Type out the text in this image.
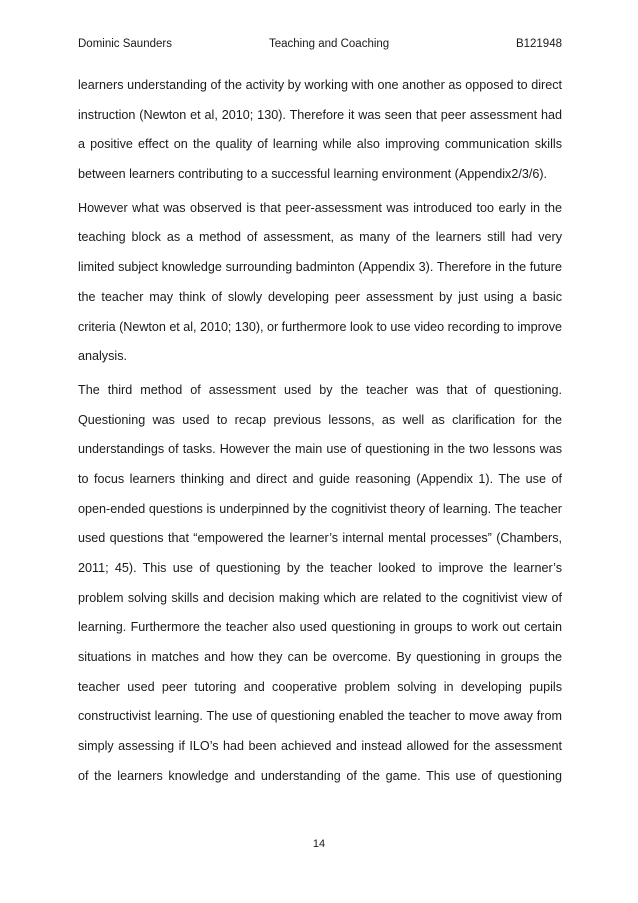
Dominic Saunders	Teaching and Coaching	B121948
learners understanding of the activity by working with one another as opposed to direct
instruction (Newton et al, 2010; 130). Therefore it was seen that peer assessment had
a positive effect on the quality of learning while also improving communication skills
between learners contributing to a successful learning environment (Appendix2/3/6).
However what was observed is that peer-assessment was introduced too early in the
teaching block as a method of assessment, as many of the learners still had very
limited subject knowledge surrounding badminton (Appendix 3). Therefore in the future
the teacher may think of slowly developing peer assessment by just using a basic
criteria (Newton et al, 2010; 130), or furthermore look to use video recording to improve
analysis.
The third method of assessment used by the teacher was that of questioning.
Questioning was used to recap previous lessons, as well as clarification for the
understandings of tasks. However the main use of questioning in the two lessons was
to focus learners thinking and direct and guide reasoning (Appendix 1). The use of
open-ended questions is underpinned by the cognitivist theory of learning. The teacher
used questions that “empowered the learner’s internal mental processes” (Chambers,
2011; 45). This use of questioning by the teacher looked to improve the learner’s
problem solving skills and decision making which are related to the cognitivist view of
learning. Furthermore the teacher also used questioning in groups to work out certain
situations in matches and how they can be overcome. By questioning in groups the
teacher used peer tutoring and cooperative problem solving in developing pupils
constructivist learning. The use of questioning enabled the teacher to move away from
simply assessing if ILO’s had been achieved and instead allowed for the assessment
of the learners knowledge and understanding of the game. This use of questioning
14
